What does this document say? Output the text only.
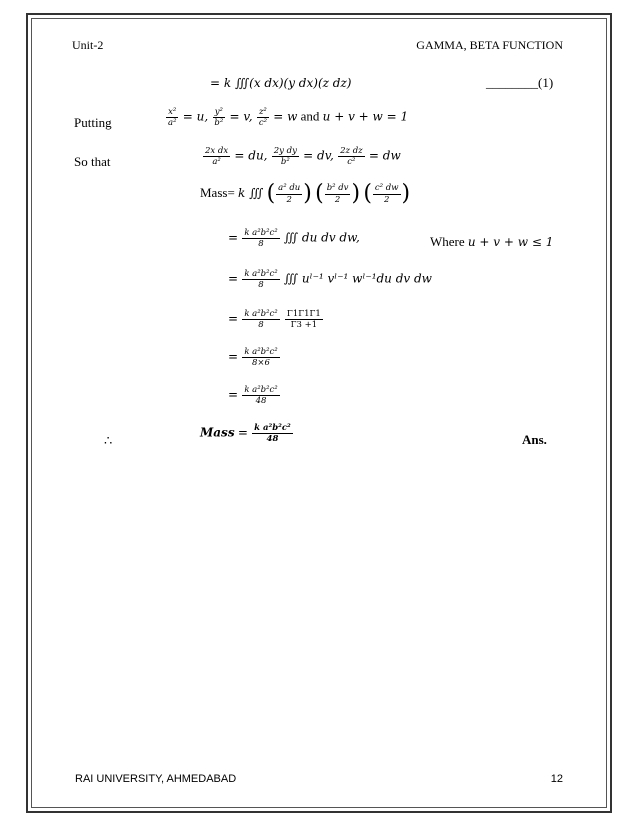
Unit-2	GAMMA, BETA FUNCTION
= k ∭(x dx)(y dx)(z dz)	________(1)
Putting	$\frac{\text{x²}}{\text{a²}} = u$, $\frac{\text{y²}}{\text{b²}} = v$, $\frac{\text{z²}}{\text{c²}} = w$ and u + v + w = 1
So that	$\frac{\text{2x dx}}{\text{a²}}$ = du, $\frac{\text{2y dy}}{\text{b²}}$ = dv, $\frac{\text{2z dz}}{\text{c²}}$ = dw
Mass= k ∭ ( $\frac{\text{a² du}}{2}$ ) ( $\frac{\text{b² dv}}{2}$ ) ( $\frac{\text{c² dw}}{2}$ )
= $\frac{\text{k a²b²c²}}{8}$ ∭ du dv dw,	Where u + v + w ≤ 1
= $\frac{\text{k a²b²c²}}{8}$ ∭ uˡ⁻¹ vˡ⁻¹ wˡ⁻¹du dv dw
= $\frac{\text{k a²b²c²}}{8}$
$\frac{\Gamma 1\Gamma 1\Gamma 1}{\Gamma 3 +1}$
= $\frac{\text{k a²b²c²}}{8\times 6}$
= $\frac{\text{k a²b²c²}}{48}$
∴
Mass = $\frac{\text{k a²b²c²}}{48}$	Ans.
RAI UNIVERSITY, AHMEDABAD	12
